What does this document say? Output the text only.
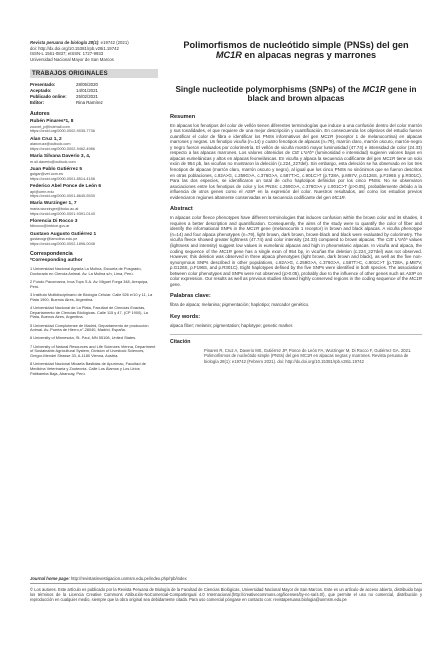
Revista peruana de biología 28(1): e19742 (2021)
doi: http://dx.doi.org/10.15381/rpb.v28i1.19742
ISSN-L 1561-0837; eISSN: 1727-9933
Universidad Nacional Mayor de San Marcos
TRABAJOS ORIGINALES
Presentado:	28/05/2020
Aceptado:	14/01/2021
Publicado online:	25/02/2021
Editor:	Rina Ramírez
Autores
Rubén Pinares*1, 8
zoovet_p@hotmail.com
https://orcid.org/0000-0002-9035-7736
Alan Cruz 1, 2
alancruzz@outlook.com
https://orcid.org/0000-0002-9462-4986
María Silvana Daverio 3, 4,
m.sil.daverio@outlook.com
Juan Pablo Gutiérrez 5
gutgar@vet.ucm.es
https://orcid.org/0000-0001-8514-4158
Federico Abel Ponce de León 6
apl@umn.edu
https://orcid.org/0000-0001-8645-553X
María Wurzinger 1, 7
maria.wurzinger@boku.ac.at
https://orcid.org/0000-0001-9391-014X
Florencia Di Rocco 3
fdirocco@imbice.gov.ar
Gustavo Augusto Gutiérrez 1
gustavogr@lamolina.edu.pe
https://orcid.org/0000-0002-1896-0048
Correspondencia
*Corresponding author
1 Universidad Nacional Agraria La Molina, Escuela de Posgrado, Doctorado en Ciencia Animal. Av. La Molina s/n, Lima, Perú.
2 Fundo Pacomarca, Inca Tops S.A. Av. Miguel Forga 348, Arequipa, Perú.
3 Instituto Multidisciplinario de Biología Celular. Calle 526 e/10 y 11, La Plata 1900, Buenos Aires, Argentina.
4 Universidad Nacional de La Plata, Facultad de Ciencias Exactas, Departamento de Ciencias Biológicas. Calle 115 y 47. (CP 1900), La Plata, Buenos Aires, Argentina.
5 Universidad Complutense de Madrid, Departamento de producción Animal. Av. Puerta de Hierro,n°.28040, Madrid, España.
6 University of Minnesota, St. Paul, MN 55108, United States.
7 University of Natural Resources and Life Sciences Vienna, Department of Sustainable Agricultural System, Division of Livestock Sciences, Gregor-Mendel Strasse 33, A-1180 Vienna, Austria.
8 Universidad Nacional Micaela Bastidas de Apurímac, Facultad de Medicina Veterinaria y Zootecnia. Calle Los Álamos y Los Lirios Patibamba Baja, Abancay, Perú.
Polimorfismos de nucleótido simple (PNSs) del gen MC1R en alpacas negras y marrones
Single nucleotide polymorphisms (SNPs) of the MC1R gene in black and brown alpacas
Resumen
En alpacas los fenotipos del color de vellón tienen diferentes terminologías que induce a una confusión dentro del color marrón y sus tonalidades, el que requiere de una mejor descripción y cuantificación. En consecuencia los objetivos del estudio fueron cuantificar el color de fibra e identificar los PNSs informativos del gen MC1R (receptor 1 de melanocortina) en alpacas marrones y negras. Un fenotipo vicuña (n=14) y cuatro fenotipos de alpacas (n=79), marrón claro, marrón oscuro, marrón-negro y negro fueron evaluados por colorimetría. El vellón de vicuña mostró mayor luminosidad (47.74) e intensidad de color (24.33) respecto a las alpacas marrones. Los valores obtenidos de CIE L*a*b* (luminosidad e intensidad) sugieren valores bajos en alpacas eumelánicas y altos en alpacas feomelánicas. En vicuña y alpaca la secuencia codificante del gen MC1R tiene un solo exón de 954 pb, las vicuñas no mostraron la deleción (c.224_227del). Sin embargo, esta deleción se ha observado en los tres fenotipos de alpacas (marrón claro, marrón oscuro y negro), al igual que los cinco PNSs no sinónimos que se fueron descritos en otras poblaciones, c.82A>G, c.259G>A, c.376G>A, c.587T>C, c.901C>T (p.T28A, p.M87V, p.G126S, p.F196S y p.R301C). Para las dos especies, se identificaron un total de ocho haplotipos definidos por los cinco PNSs. No se observaron asociaciones entre los fenotipos de color y los PNSs: c.259G>A, c.376G>A y c.901C>T (p>0.05), probablemente debido a la influencia de otros genes como el ASIP en la expresión del color. Nuestros resultados, así como los estudios previos evidenciaron regiones altamente conservadas en la secuencia codificante del gen MC1R.
Abstract
In alpacas color fleece phenotypes have different terminologies that induces confusion within the brown color and its shades, it requires a better description and quantification. Consequently, the aims of the study were to quantify the color of fiber and identify the informational SNPs in the MC1R gene (melanocortin 1 receptor) in brown and black alpacas. A vicuña phenotype (n=14) and four alpaca phenotypes (n=79), light brown, dark brown, brown-black and black were evaluated by colorimetry. The vicuña fleece showed greater lightness (47.74) and color intensity (24.33) compared to brown alpacas. The CIE L*a*b* values (lightness and intensity) suggest low values in eumelanic alpacas and high in pheomelanic alpacas. In vicuña and alpaca, the coding sequence of the MC1R gene has a single exon of 954 bp, in vicuñas the deletion (c.224_227del) was not observed. However, this deletion was observed in three alpaca phenotypes (light brown, dark brown and black), as well as the five non-synonymous SNPs described in other populations, c.82A>G, c.259G>A, c.376G>A, c.587T>C, c.901C>T (p.T28A, p.M87V, p.G126S, p.F196S, and p.R301C). Eight haplotypes defined by the five SNPs were identified in both species. The associations between color phenotypes and SNPs were not observed (p>0.05), probably due to the influence of other genes such as ASIP on color expression. Our results as well as previous studies showed highly conserved regions in the coding sequence of the MC1R gene.
Palabras clave:
fibra de alpaca; melanina; pigmentación; haplotipo; marcador genético.
Key words:
alpaca fiber; melanin; pigmentation; haplotype; genetic marker.
Citación
Pinares R, Cruz A, Daverio MS, Gutiérrez JP, Ponce de León FA, Wurzinger M, Di Rocco F, Gutiérrez GA. 2021. Polimorfismos de nucleótido simple (PNSs) del gen MC1R en alpacas negras y marrones. Revista peruana de biología 28(1): e19742 (Febrero 2021). doi: http://dx.doi.org/10.15381/rpb.v28i1.19742
Journal home page: http://revistasinvestigacion.unmsm.edu.pe/index.php/rpb/index
© Los autores. Este artículo es publicado por la Revista Peruana de Biología de la Facultad de Ciencias Biológicas, Universidad Nacional Mayor de San Marcos. Este es un artículo de acceso abierto, distribuido bajo los términos de la Licencia Creative Commons Atribución-NoComercial-CompartirIgual 4.0 Internacional.(http://creativecommons.org/licenses/by-nc-sa/4.0/), que permite el uso no comercial, distribución y reproducción en cualquier medio, siempre que la obra original sea debidamente citada. Para uso comercial póngase en contacto con: revistaperuana.biologia@unmsm.edu.pe
